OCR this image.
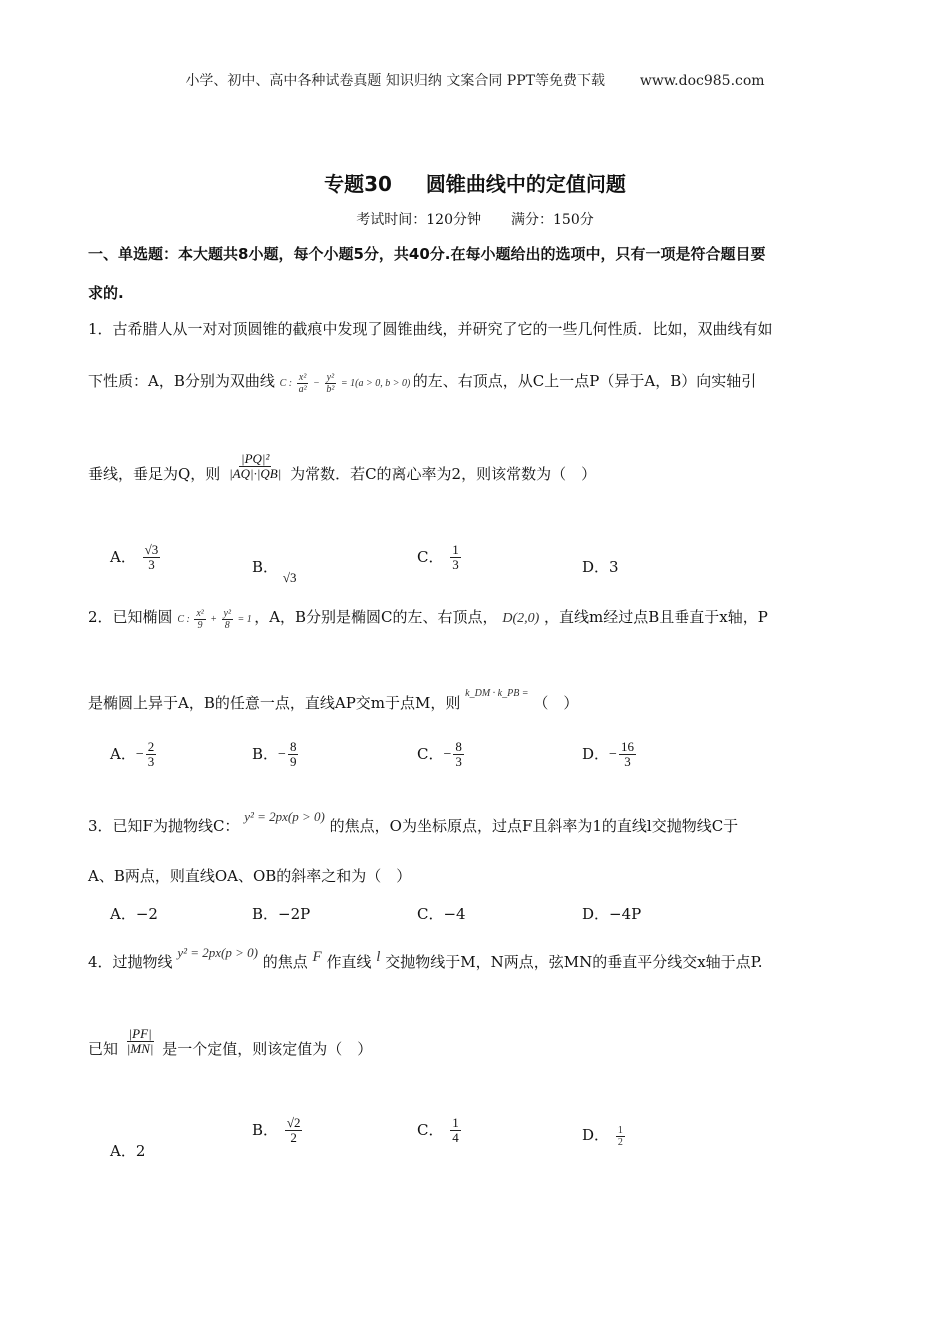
小学、初中、高中各种试卷真题 知识归纳 文案合同 PPT等免费下载 www.doc985.com
专题30 圆锥曲线中的定值问题
考试时间：120分钟 满分：150分
一、单选题：本大题共8小题，每个小题5分，共40分.在每小题给出的选项中，只有一项是符合题目要
求的.
1．古希腊人从一对对顶圆锥的截痕中发现了圆锥曲线，并研究了它的一些几何性质．比如，双曲线有如
下性质：A，B分别为双曲线 C : $\frac{\text{x²}}{\text{a²}} - \frac{\text{y²}}{\text{b²}} = 1(a > 0$, b > 0) 的左、右顶点，从C上一点P（异于A，B）向实轴引
垂线，垂足为Q，则 $\frac{\text{|PQ|²}}{|AQ|\cdot|QB|}$ 为常数．若C的离心率为2，则该常数为（　）
A． $\frac{√3}{3}$	B． √3
C． $\frac{1}{3}$	D．3
2．已知椭圆 C : $\frac{\text{x²}}{9} + \frac{\text{y²}}{8} = 1$ ，A，B分别是椭圆C的左、右顶点， D(2,0) ，直线m经过点B且垂直于x轴，P
是椭圆上异于A，B的任意一点，直线AP交m于点M，则 $^{k\_DM \cdot k\_PB =}$ （　）
A．− $\frac{2}{3}$	B．− $\frac{8}{9}$	C．− $\frac{8}{3}$	D．− $\frac{16}{3}$
3．已知F为抛物线C： y² = 2px(p > 0) 的焦点，O为坐标原点，过点F且斜率为1的直线l交抛物线C于
A、B两点，则直线OA、OB的斜率之和为（　）
A．−2	B．−2P	C．−4	D．−4P
4．过抛物线 y² = 2px(p > 0) 的焦点 F 作直线 l 交抛物线于M，N两点，弦MN的垂直平分线交x轴于点P.
已知 $\frac{|PF|}{|MN|}$ 是一个定值，则该定值为（　）
A．2
B． $\frac{√2}{2}$	C． $\frac{1}{4}$	D． $\frac{1}{2}$
